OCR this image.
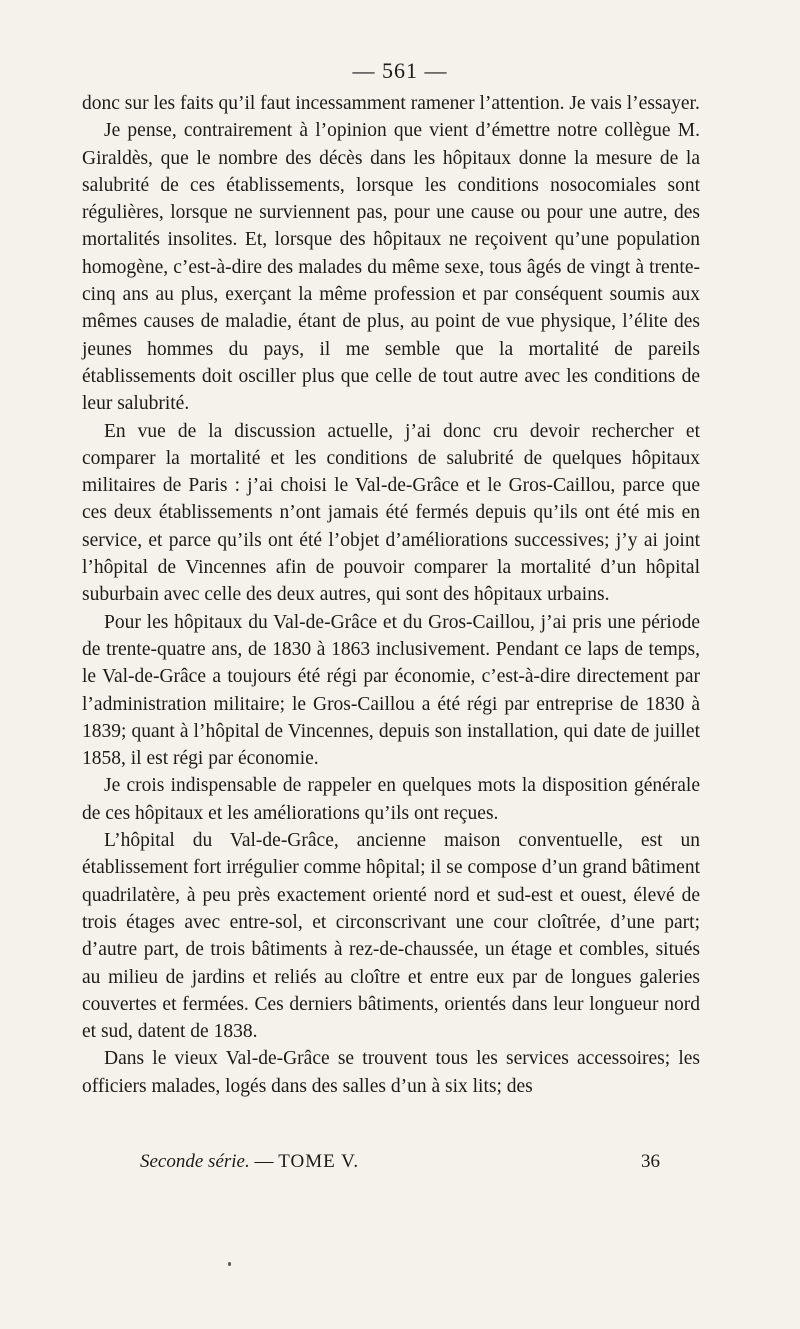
— 561 —

donc sur les faits qu’il faut incessamment ramener l’attention. Je vais l’essayer.

Je pense, contrairement à l’opinion que vient d’émettre notre collègue M. Giraldès, que le nombre des décès dans les hôpitaux donne la mesure de la salubrité de ces établissements, lorsque les conditions nosocomiales sont régulières, lorsque ne surviennent pas, pour une cause ou pour une autre, des mortalités insolites. Et, lorsque des hôpitaux ne reçoivent qu’une population homogène, c’est-à-dire des malades du même sexe, tous âgés de vingt à trente-cinq ans au plus, exerçant la même profession et par conséquent soumis aux mêmes causes de maladie, étant de plus, au point de vue physique, l’élite des jeunes hommes du pays, il me semble que la mortalité de pareils établissements doit osciller plus que celle de tout autre avec les conditions de leur salubrité.

En vue de la discussion actuelle, j’ai donc cru devoir rechercher et comparer la mortalité et les conditions de salubrité de quelques hôpitaux militaires de Paris : j’ai choisi le Val-de-Grâce et le Gros-Caillou, parce que ces deux établissements n’ont jamais été fermés depuis qu’ils ont été mis en service, et parce qu’ils ont été l’objet d’améliorations successives; j’y ai joint l’hôpital de Vincennes afin de pouvoir comparer la mortalité d’un hôpital suburbain avec celle des deux autres, qui sont des hôpitaux urbains.

Pour les hôpitaux du Val-de-Grâce et du Gros-Caillou, j’ai pris une période de trente-quatre ans, de 1830 à 1863 inclusivement. Pendant ce laps de temps, le Val-de-Grâce a toujours été régi par économie, c’est-à-dire directement par l’administration militaire; le Gros-Caillou a été régi par entreprise de 1830 à 1839; quant à l’hôpital de Vincennes, depuis son installation, qui date de juillet 1858, il est régi par économie.

Je crois indispensable de rappeler en quelques mots la disposition générale de ces hôpitaux et les améliorations qu’ils ont reçues.

L’hôpital du Val-de-Grâce, ancienne maison conventuelle, est un établissement fort irrégulier comme hôpital; il se compose d’un grand bâtiment quadrilatère, à peu près exactement orienté nord et sud-est et ouest, élevé de trois étages avec entre-sol, et circonscrivant une cour cloîtrée, d’une part; d’autre part, de trois bâtiments à rez-de-chaussée, un étage et combles, situés au milieu de jardins et reliés au cloître et entre eux par de longues galeries couvertes et fermées. Ces derniers bâtiments, orientés dans leur longueur nord et sud, datent de 1838.

Dans le vieux Val-de-Grâce se trouvent tous les services accessoires; les officiers malades, logés dans des salles d’un à six lits; des

Seconde série. — TOME V.	36
